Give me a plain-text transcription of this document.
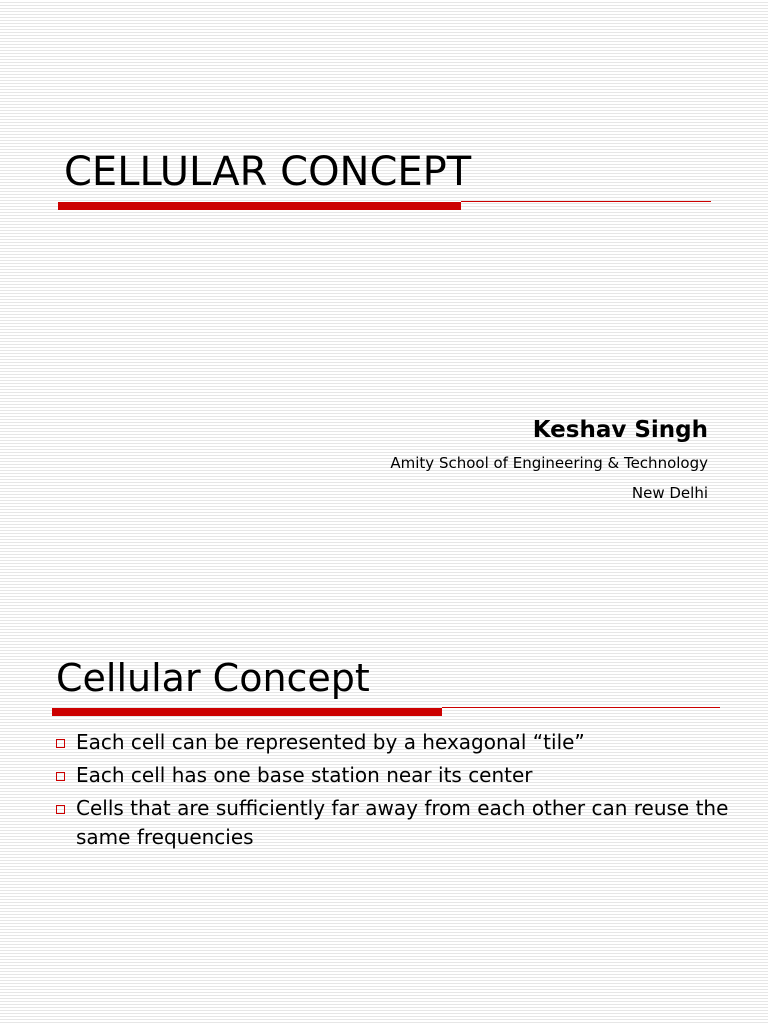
CELLULAR CONCEPT

Keshav Singh

Amity School of Engineering & Technology

New Delhi

Cellular Concept
Each cell can be represented by a hexagonal “tile”
Each cell has one base station near its center
Cells that are sufficiently far away from each other can reuse the same frequencies
